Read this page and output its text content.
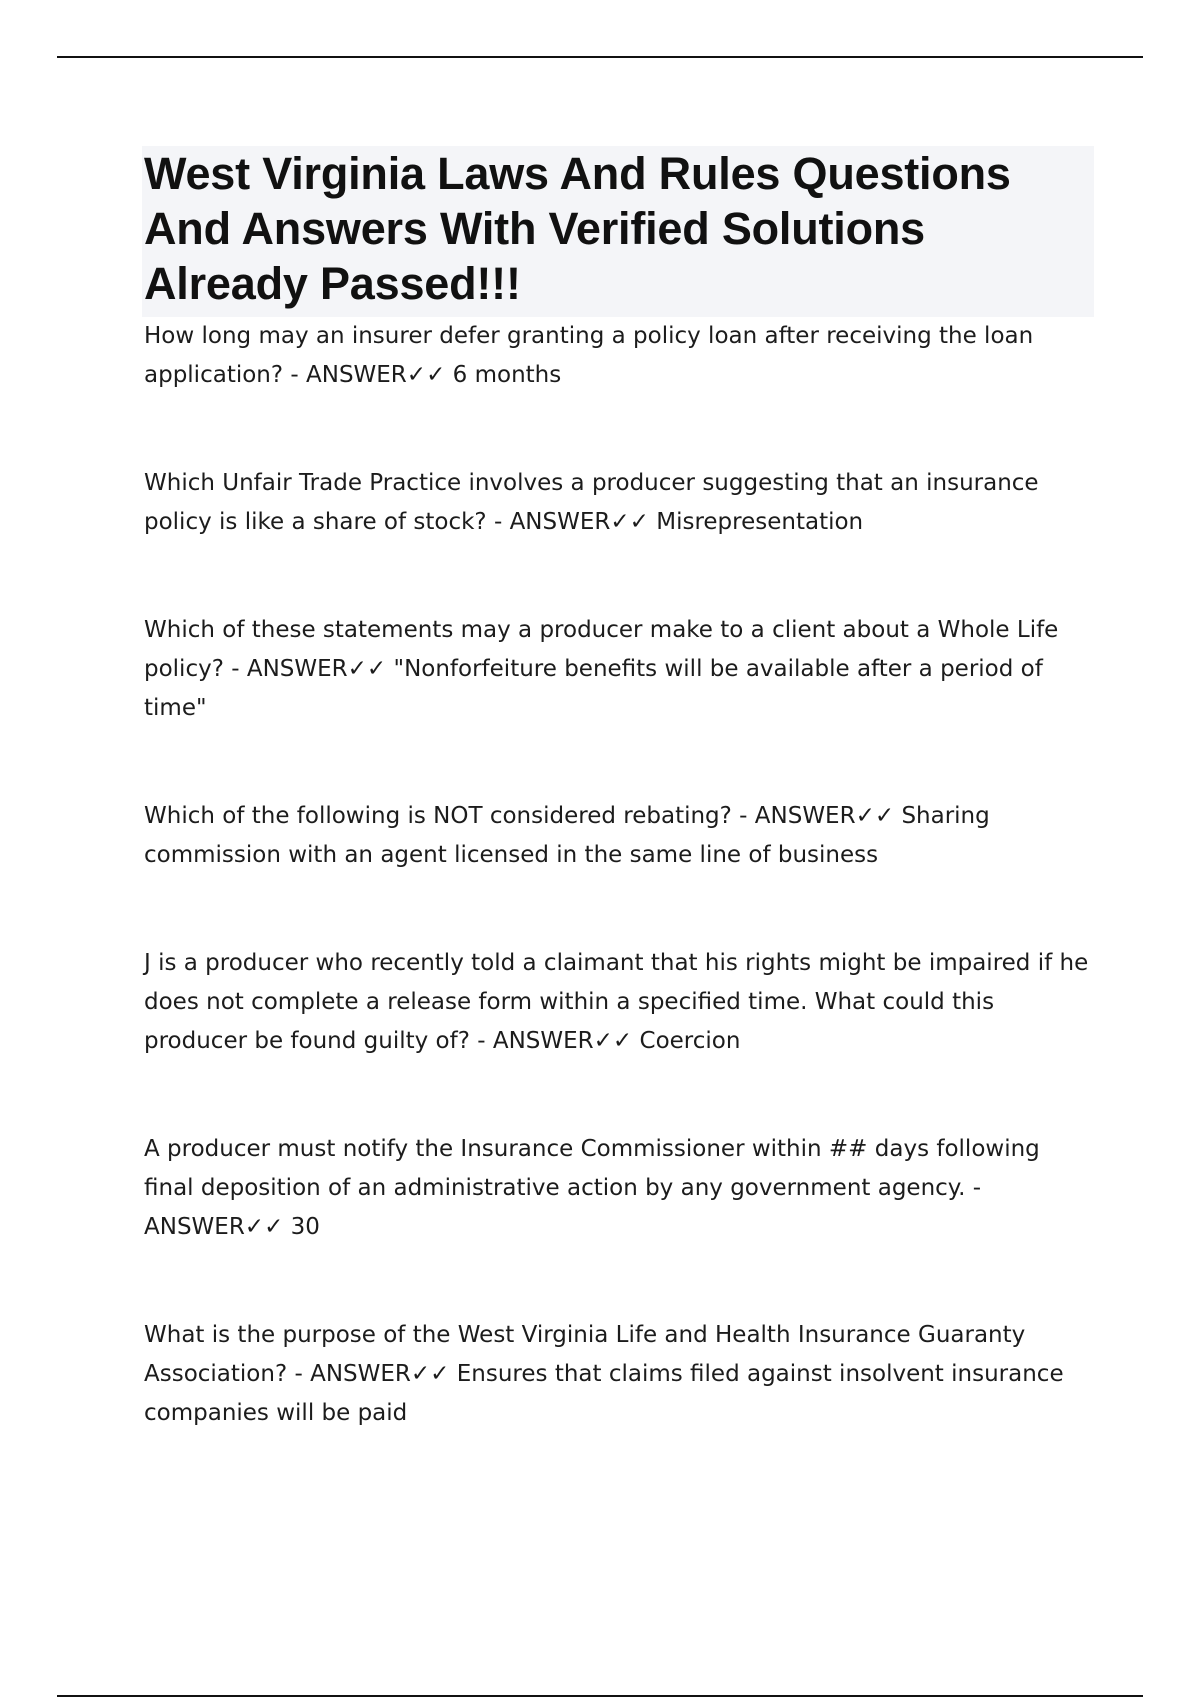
West Virginia Laws And Rules Questions And Answers With Verified Solutions Already Passed!!!
How long may an insurer defer granting a policy loan after receiving the loan application? - ANSWER✓✓ 6 months
Which Unfair Trade Practice involves a producer suggesting that an insurance policy is like a share of stock? - ANSWER✓✓ Misrepresentation
Which of these statements may a producer make to a client about a Whole Life policy? - ANSWER✓✓ "Nonforfeiture benefits will be available after a period of time"
Which of the following is NOT considered rebating? - ANSWER✓✓ Sharing commission with an agent licensed in the same line of business
J is a producer who recently told a claimant that his rights might be impaired if he does not complete a release form within a specified time. What could this producer be found guilty of? - ANSWER✓✓ Coercion
A producer must notify the Insurance Commissioner within ## days following final deposition of an administrative action by any government agency. - ANSWER✓✓ 30
What is the purpose of the West Virginia Life and Health Insurance Guaranty Association? - ANSWER✓✓ Ensures that claims filed against insolvent insurance companies will be paid
